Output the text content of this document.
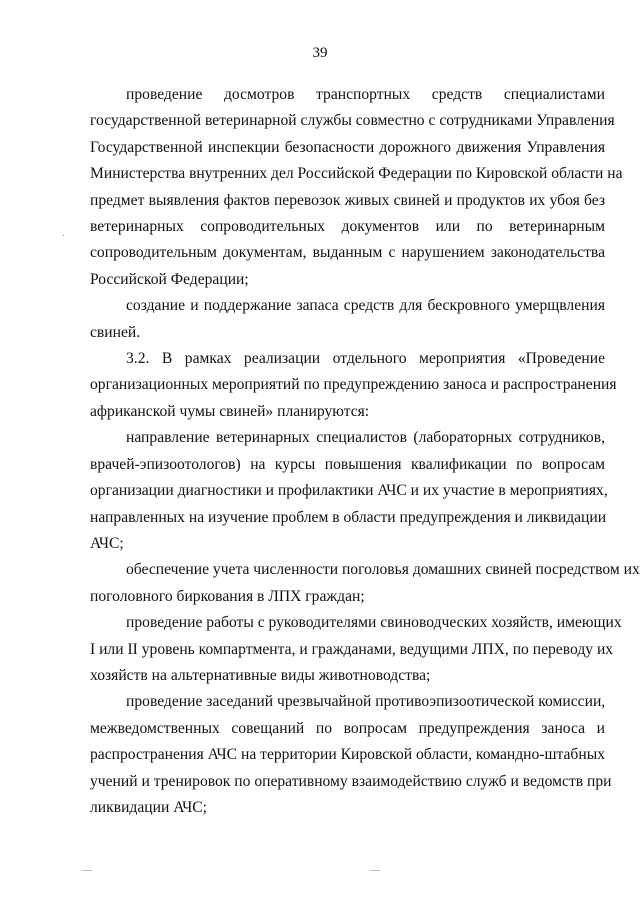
39
проведение досмотров транспортных средств специалистами
государственной ветеринарной службы совместно с сотрудниками Управления
Государственной инспекции безопасности дорожного движения Управления
Министерства внутренних дел Российской Федерации по Кировской области на
предмет выявления фактов перевозок живых свиней и продуктов их убоя без
ветеринарных сопроводительных документов или по ветеринарным
сопроводительным документам, выданным с нарушением законодательства
Российской Федерации;
создание и поддержание запаса средств для бескровного умерщвления
свиней.
3.2. В рамках реализации отдельного мероприятия «Проведение
организационных мероприятий по предупреждению заноса и распространения
африканской чумы свиней» планируются:
направление ветеринарных специалистов (лабораторных сотрудников,
врачей-эпизоотологов) на курсы повышения квалификации по вопросам
организации диагностики и профилактики АЧС и их участие в мероприятиях,
направленных на изучение проблем в области предупреждения и ликвидации
АЧС;
обеспечение учета численности поголовья домашних свиней посредством их
поголовного биркования в ЛПХ граждан;
проведение работы с руководителями свиноводческих хозяйств, имеющих
I или II уровень компартмента, и гражданами, ведущими ЛПХ, по переводу их
хозяйств на альтернативные виды животноводства;
проведение заседаний чрезвычайной противоэпизоотической комиссии,
межведомственных совещаний по вопросам предупреждения заноса и
распространения АЧС на территории Кировской области, командно-штабных
учений и тренировок по оперативному взаимодействию служб и ведомств при
ликвидации АЧС;
·
—	—
